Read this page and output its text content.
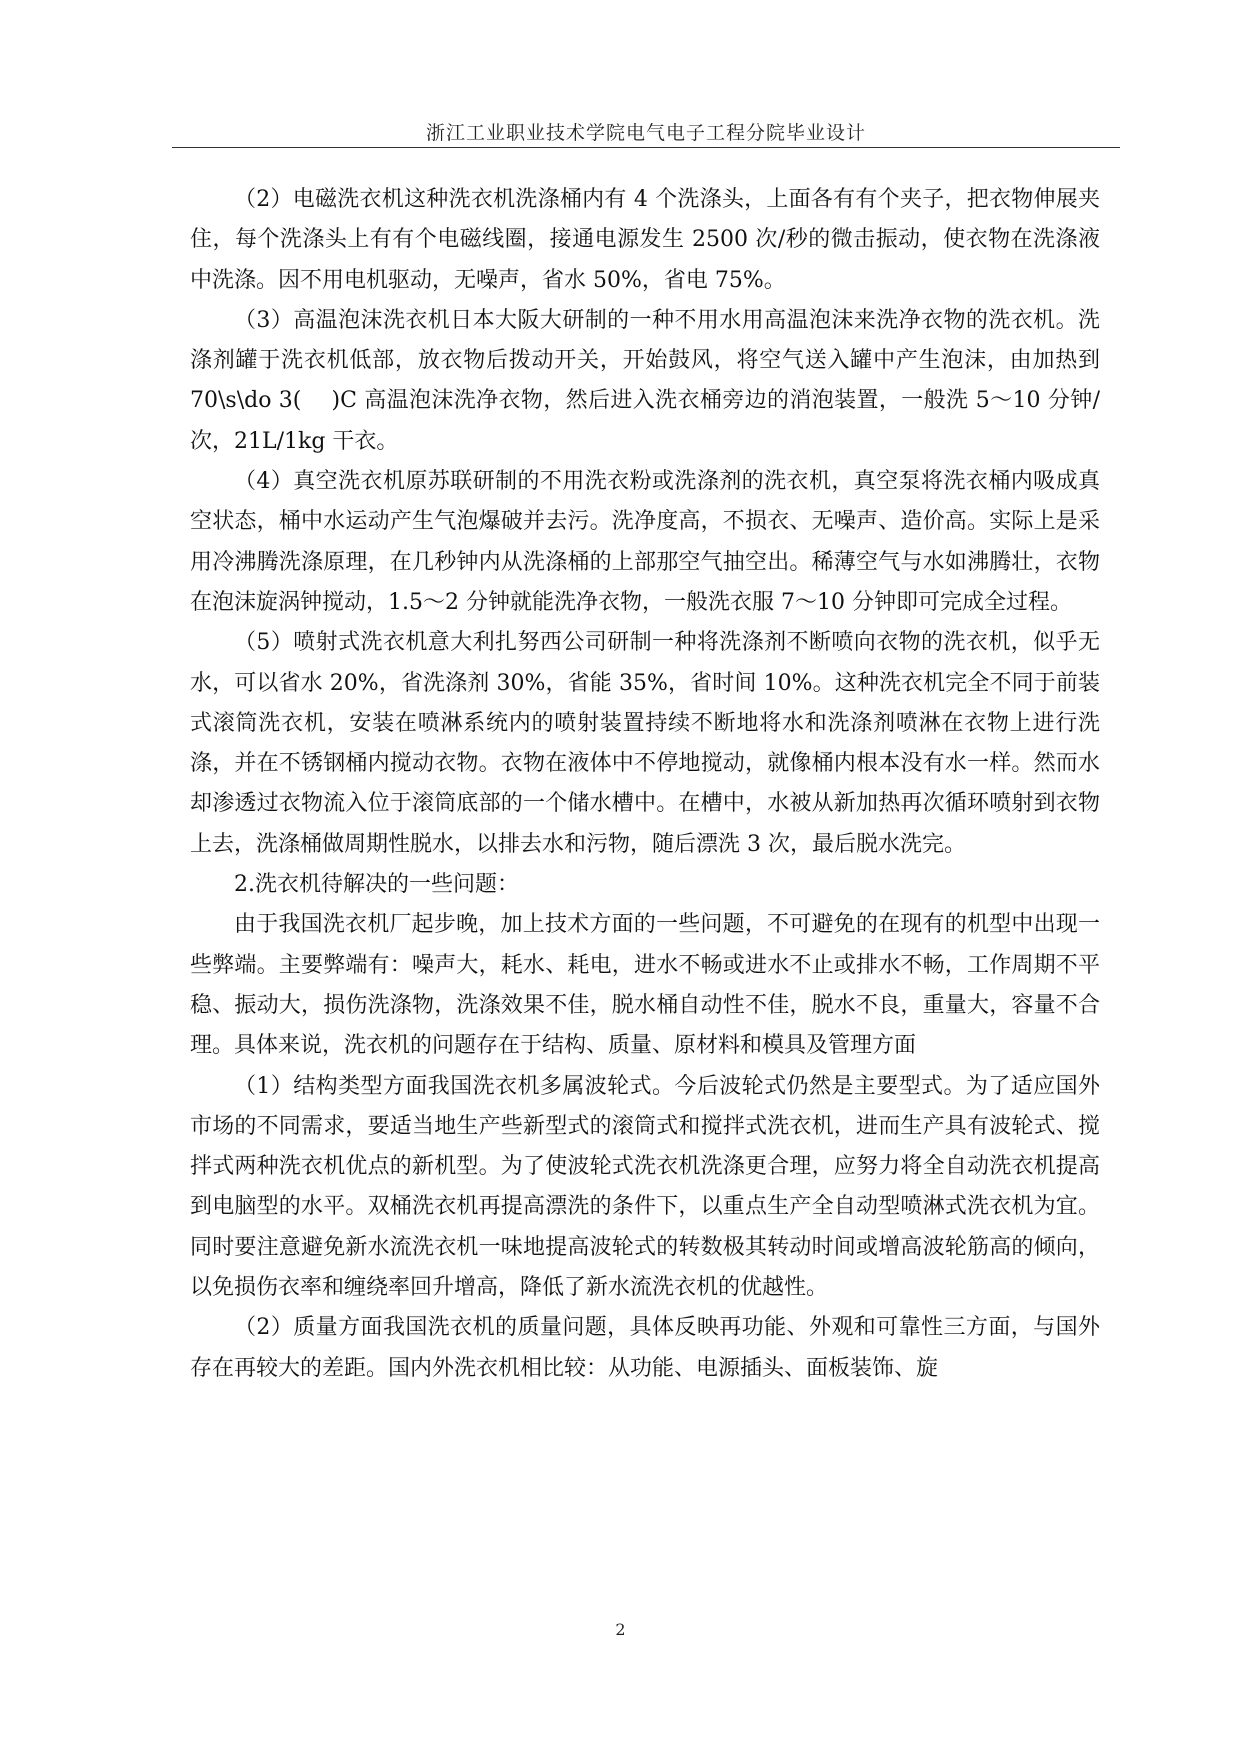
浙江工业职业技术学院电气电子工程分院毕业设计

（2）电磁洗衣机这种洗衣机洗涤桶内有 4 个洗涤头，上面各有有个夹子，把衣物伸展夹住，每个洗涤头上有有个电磁线圈，接通电源发生 2500 次/秒的微击振动，使衣物在洗涤液中洗涤。因不用电机驱动，无噪声，省水 50%，省电 75%。

（3）高温泡沫洗衣机日本大阪大研制的一种不用水用高温泡沫来洗净衣物的洗衣机。洗涤剂罐于洗衣机低部，放衣物后拨动开关，开始鼓风，将空气送入罐中产生泡沫，由加热到 70\s\do 3(　 )C 高温泡沫洗净衣物，然后进入洗衣桶旁边的消泡装置，一般洗 5～10 分钟/次，21L/1kg 干衣。

（4）真空洗衣机原苏联研制的不用洗衣粉或洗涤剂的洗衣机，真空泵将洗衣桶内吸成真空状态，桶中水运动产生气泡爆破并去污。洗净度高，不损衣、无噪声、造价高。实际上是采用冷沸腾洗涤原理，在几秒钟内从洗涤桶的上部那空气抽空出。稀薄空气与水如沸腾壮，衣物在泡沫旋涡钟搅动，1.5～2 分钟就能洗净衣物，一般洗衣服 7～10 分钟即可完成全过程。

（5）喷射式洗衣机意大利扎努西公司研制一种将洗涤剂不断喷向衣物的洗衣机，似乎无水，可以省水 20%，省洗涤剂 30%，省能 35%，省时间 10%。这种洗衣机完全不同于前装式滚筒洗衣机，安装在喷淋系统内的喷射装置持续不断地将水和洗涤剂喷淋在衣物上进行洗涤，并在不锈钢桶内搅动衣物。衣物在液体中不停地搅动，就像桶内根本没有水一样。然而水却渗透过衣物流入位于滚筒底部的一个储水槽中。在槽中，水被从新加热再次循环喷射到衣物上去，洗涤桶做周期性脱水，以排去水和污物，随后漂洗 3 次，最后脱水洗完。

2.洗衣机待解决的一些问题：

由于我国洗衣机厂起步晚，加上技术方面的一些问题，不可避免的在现有的机型中出现一些弊端。主要弊端有：噪声大，耗水、耗电，进水不畅或进水不止或排水不畅，工作周期不平稳、振动大，损伤洗涤物，洗涤效果不佳，脱水桶自动性不佳，脱水不良，重量大，容量不合理。具体来说，洗衣机的问题存在于结构、质量、原材料和模具及管理方面

（1）结构类型方面我国洗衣机多属波轮式。今后波轮式仍然是主要型式。为了适应国外市场的不同需求，要适当地生产些新型式的滚筒式和搅拌式洗衣机，进而生产具有波轮式、搅拌式两种洗衣机优点的新机型。为了使波轮式洗衣机洗涤更合理，应努力将全自动洗衣机提高到电脑型的水平。双桶洗衣机再提高漂洗的条件下，以重点生产全自动型喷淋式洗衣机为宜。同时要注意避免新水流洗衣机一味地提高波轮式的转数极其转动时间或增高波轮筋高的倾向，以免损伤衣率和缠绕率回升增高，降低了新水流洗衣机的优越性。

（2）质量方面我国洗衣机的质量问题，具体反映再功能、外观和可靠性三方面，与国外存在再较大的差距。国内外洗衣机相比较：从功能、电源插头、面板装饰、旋

2
